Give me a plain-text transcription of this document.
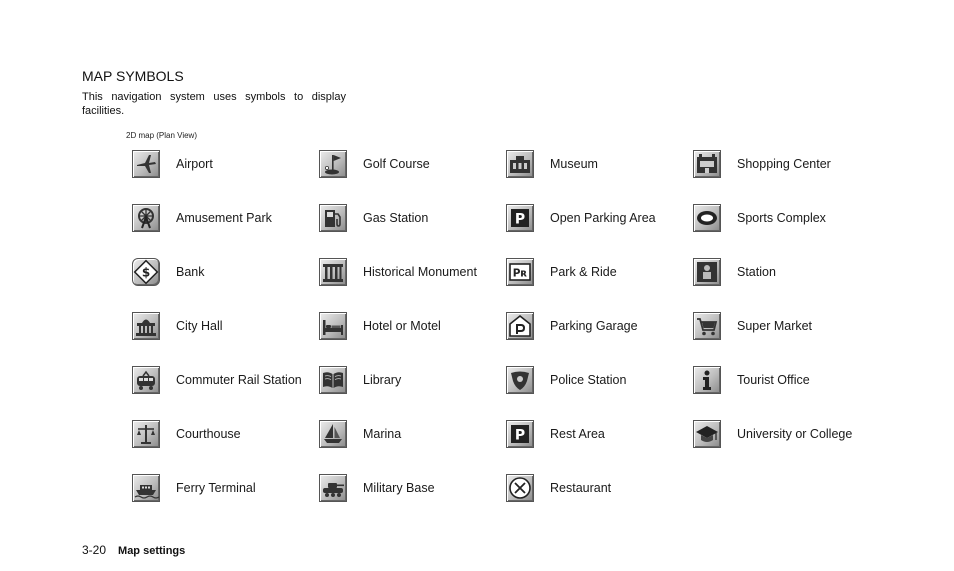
MAP SYMBOLS
This navigation system uses symbols to display facilities.
2D map (Plan View)
Airport
Amusement Park
$ Bank
City Hall
Commuter Rail Station
Courthouse
Ferry Terminal
Golf Course
Gas Station
Historical Monument
Hotel or Motel
Library
Marina
Military Base
Museum
P Open Parking Area
Pʀ Park & Ride
Parking Garage
Police Station
P Rest Area
Restaurant
Shopping Center
Sports Complex
Station
Super Market
Tourist Office
University or College
3-20 Map settings
